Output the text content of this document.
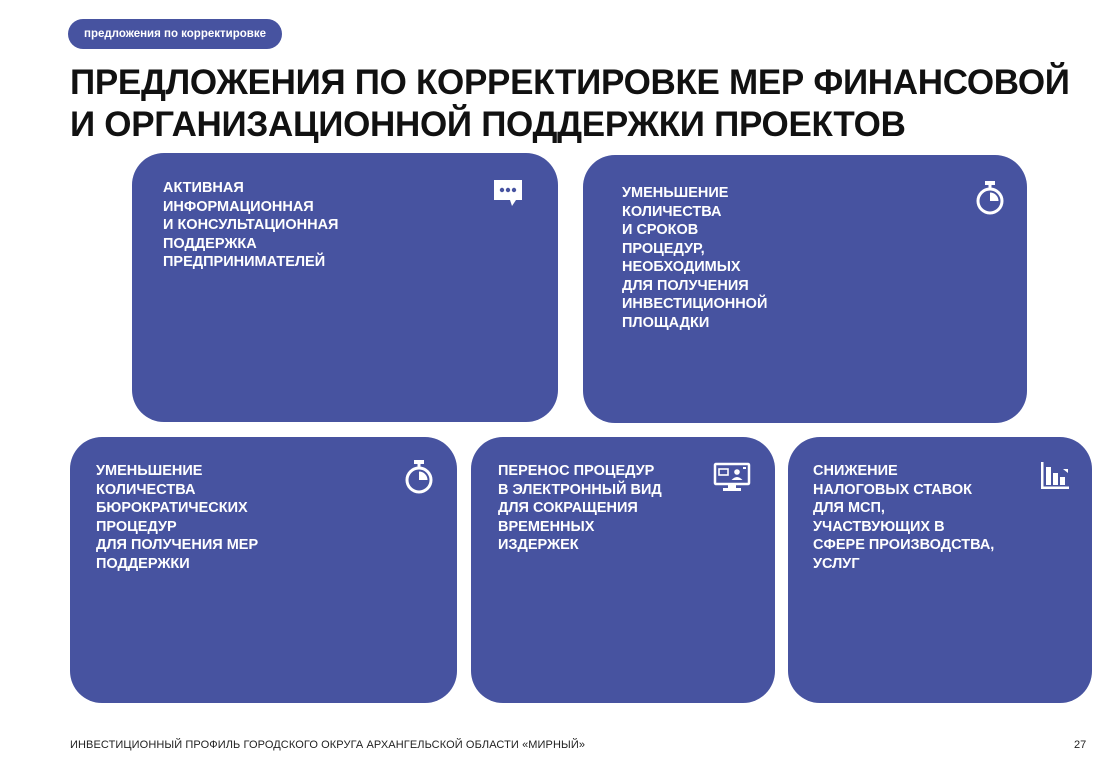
предложения по корректировке
ПРЕДЛОЖЕНИЯ ПО КОРРЕКТИРОВКЕ МЕР ФИНАНСОВОЙ
И ОРГАНИЗАЦИОННОЙ ПОДДЕРЖКИ ПРОЕКТОВ
АКТИВНАЯ
ИНФОРМАЦИОННАЯ
И КОНСУЛЬТАЦИОННАЯ
ПОДДЕРЖКА
ПРЕДПРИНИМАТЕЛЕЙ
УМЕНЬШЕНИЕ
КОЛИЧЕСТВА
И СРОКОВ
ПРОЦЕДУР,
НЕОБХОДИМЫХ
ДЛЯ ПОЛУЧЕНИЯ
ИНВЕСТИЦИОННОЙ
ПЛОЩАДКИ
УМЕНЬШЕНИЕ
КОЛИЧЕСТВА
БЮРОКРАТИЧЕСКИХ
ПРОЦЕДУР
ДЛЯ ПОЛУЧЕНИЯ МЕР
ПОДДЕРЖКИ
ПЕРЕНОС ПРОЦЕДУР
В ЭЛЕКТРОННЫЙ ВИД
ДЛЯ СОКРАЩЕНИЯ
ВРЕМЕННЫХ
ИЗДЕРЖЕК
СНИЖЕНИЕ
НАЛОГОВЫХ СТАВОК
ДЛЯ МСП,
УЧАСТВУЮЩИХ В
СФЕРЕ ПРОИЗВОДСТВА,
УСЛУГ
ИНВЕСТИЦИОННЫЙ ПРОФИЛЬ ГОРОДСКОГО ОКРУГА АРХАНГЕЛЬСКОЙ ОБЛАСТИ «МИРНЫЙ»	27
